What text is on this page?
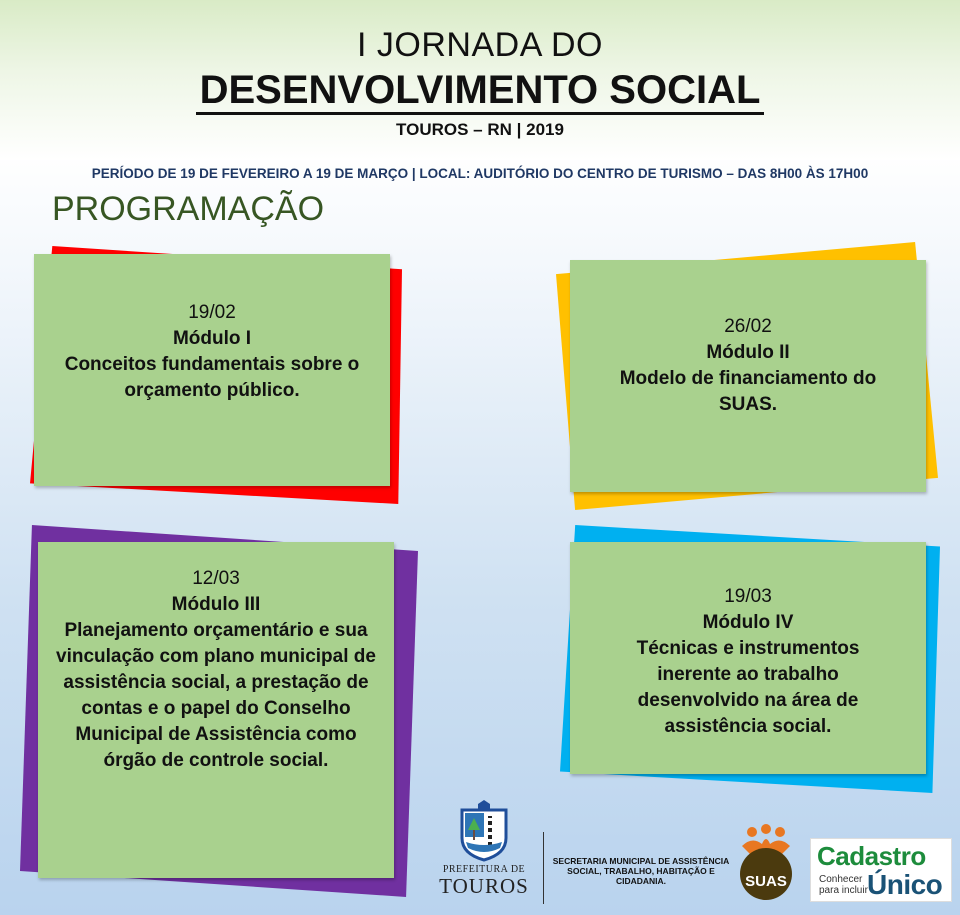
I JORNADA DO
DESENVOLVIMENTO SOCIAL
TOUROS – RN | 2019
PERÍODO DE 19 DE FEVEREIRO A 19 DE MARÇO | LOCAL: AUDITÓRIO DO CENTRO DE TURISMO – DAS 8H00 ÀS 17H00
PROGRAMAÇÃO
19/02
Módulo I
Conceitos fundamentais sobre o orçamento público.
26/02
Módulo II
Modelo de financiamento do SUAS.
12/03
Módulo III
Planejamento orçamentário e sua vinculação com plano municipal de assistência social, a prestação de contas e o papel do Conselho Municipal de Assistência como órgão de controle social.
19/03
Módulo IV
Técnicas e instrumentos inerente ao trabalho desenvolvido na área de assistência social.
PREFEITURA DE
TOUROS
SECRETARIA MUNICIPAL DE ASSISTÊNCIA SOCIAL, TRABALHO, HABITAÇÃO E CIDADANIA.	SUAS
Cadastro
Conhecer
para incluir Único
